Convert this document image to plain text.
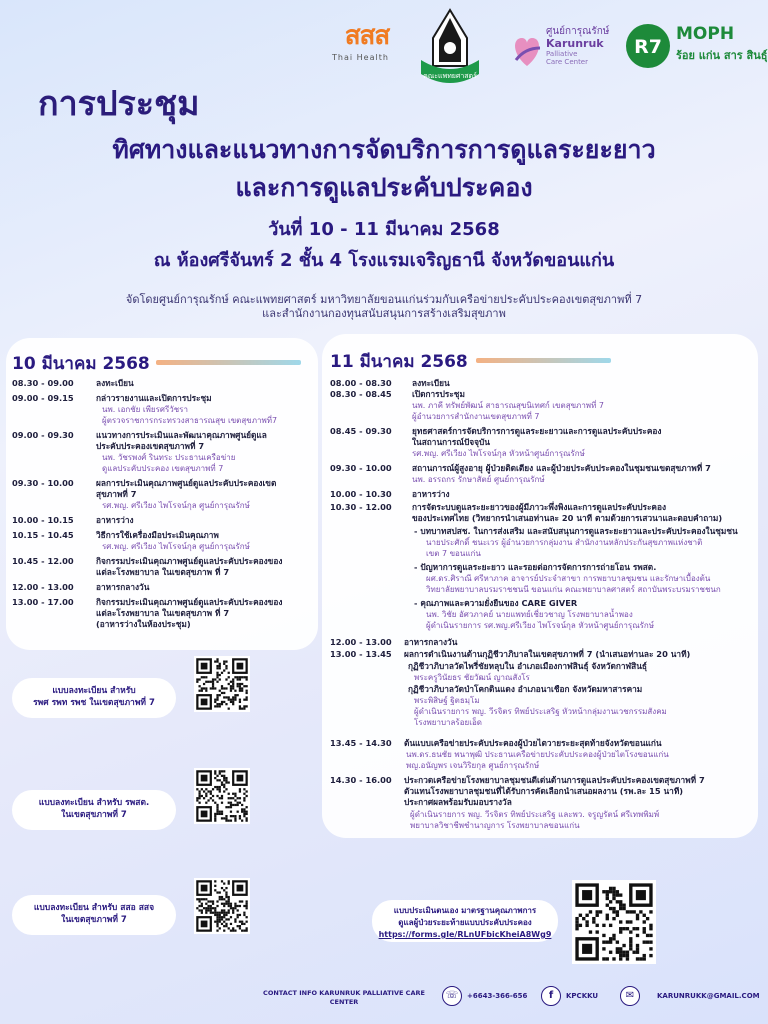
สสส
Thai Health
คณะแพทยศาสตร์
ศูนย์การุณรักษ์
Karunruk
Palliative
Care Center
R7
MOPH
ร้อย แก่น สาร สินธุ์
การประชุม
ทิศทางและแนวทางการจัดบริการการดูแลระยะยาว
และการดูแลประคับประคอง
วันที่ 10 - 11 มีนาคม 2568
ณ ห้องศรีจันทร์ 2 ชั้น 4 โรงแรมเจริญธานี จังหวัดขอนแก่น
จัดโดยศูนย์การุณรักษ์ คณะแพทยศาสตร์ มหาวิทยาลัยขอนแก่นร่วมกับเครือข่ายประคับประคองเขตสุขภาพที่ 7
และสำนักงานกองทุนสนับสนุนการสร้างเสริมสุขภาพ
10 มีนาคม 2568
08.30 - 09.00	ลงทะเบียน
09.00 - 09.15	กล่าวรายงานและเปิดการประชุม
นพ. เอกชัย เพียรศรีวัชรา
ผู้ตรวจราชการกระทรวงสาธารณสุข เขตสุขภาพที่7
09.00 - 09.30	แนวทางการประเมินและพัฒนาคุณภาพศูนย์ดูแล
ประคับประคองเขตสุขภาพที่ 7
นพ. วัชรพงศ์ รินทระ ประธานเครือข่าย
ดูแลประคับประคอง เขตสุขภาพที่ 7
09.30 - 10.00	ผลการประเมินคุณภาพศูนย์ดูแลประคับประคองเขต
สุขภาพที่ 7
รศ.พญ. ศรีเวียง ไพโรจน์กุล ศูนย์การุณรักษ์
10.00 - 10.15	อาหารว่าง
10.15 - 10.45	วิธีการใช้เครื่องมือประเมินคุณภาพ
รศ.พญ. ศรีเวียง ไพโรจน์กุล ศูนย์การุณรักษ์
10.45 - 12.00	กิจกรรมประเมินคุณภาพศูนย์ดูแลประคับประคองของ
แต่ละโรงพยาบาล ในเขตสุขภาพ ที่ 7
12.00 - 13.00	อาหารกลางวัน
13.00 - 17.00	กิจกรรมประเมินคุณภาพศูนย์ดูแลประคับประคองของ
แต่ละโรงพยาบาล ในเขตสุขภาพ ที่ 7
(อาหารว่างในห้องประชุม)
11 มีนาคม 2568
08.00 - 08.30 ลงทะเบียน
08.30 - 08.45 เปิดการประชุม
นพ. ภาคี ทรัพย์พัฒน์ สาธารณสุขนิเทศก์ เขตสุขภาพที่ 7
ผู้อำนวยการสำนักงานเขตสุขภาพที่ 7
08.45 - 09.30 ยุทธศาสตร์การจัดบริการการดูแลระยะยาวและการดูแลประคับประคอง
ในสถานการณ์ปัจจุบัน
รศ.พญ. ศรีเวียง ไพโรจน์กุล หัวหน้าศูนย์การุณรักษ์
09.30 - 10.00 สถานการณ์ผู้สูงอายุ ผู้ป่วยติดเตียง และผู้ป่วยประคับประคองในชุมชนเขตสุขภาพที่ 7
นพ. อรรถกร รักษาสัตย์ ศูนย์การุณรักษ์
10.00 - 10.30 อาหารว่าง
10.30 - 12.00 การจัดระบบดูแลระยะยาวของผู้มีภาวะพึ่งพิงและการดูแลประคับประคอง
ของประเทศไทย (วิทยากรนำเสนอท่านละ 20 นาที ตามด้วยการเสวนาและตอบคำถาม)
- บทบาทสปสช. ในการส่งเสริม และสนับสนุนการดูแลระยะยาวและประคับประคองในชุมชน
นายประศักดิ์ ชนะเวร ผู้อำนวยการกลุ่มงาน สำนักงานหลักประกันสุขภาพแห่งชาติ
เขต 7 ขอนแก่น
- ปัญหาการดูแลระยะยาว และรอยต่อการจัดการการถ่ายโอน รพสต.
ผศ.ดร.ศิราณี ศรีหาภาค อาจารย์ประจำสาขา การพยาบาลชุมชน และรักษาเบื้องต้น
วิทยาลัยพยาบาลบรมราชชนนี ขอนแก่น คณะพยาบาลศาสตร์ สถาบันพระบรมราชชนก
- คุณภาพและความยั่งยืนของ CARE GIVER
นพ. วิชัย อัศวภาคย์ นายแพทย์เชี่ยวชาญ โรงพยาบาลน้ำพอง
ผู้ดำเนินรายการ รศ.พญ.ศรีเวียง ไพโรจน์กุล หัวหน้าศูนย์การุณรักษ์
12.00 - 13.00 อาหารกลางวัน
13.00 - 13.45 ผลการดำเนินงานด้านกุฏิชีวาภิบาลในเขตสุขภาพที่ 7 (นำเสนอท่านละ 20 นาที)
กุฏิชีวาภิบาลวัดไพรี่ชัยหลุบใน อำเภอเมืองกาฬสินธุ์ จังหวัดกาฬสินธุ์
พระครูวินัยธร ชัยวัฒน์ ญาณสังโร
กุฏิชีวาภิบาลวัดป่าโคกดินแดง อำเภอนาเชือก จังหวัดมหาสารคาม
พระพิสิษฐ์ ฐิตธมฺโม
ผู้ดำเนินรายการ พญ. วีรจิตร ทิพย์ประเสริฐ หัวหน้ากลุ่มงานเวชกรรมสังคม
โรงพยาบาลร้อยเอ็ด
13.45 - 14.30 ต้นแบบเครือข่ายประคับประคองผู้ป่วยไตวายระยะสุดท้ายจังหวัดขอนแก่น
นพ.ดร.ธนชัย พนาพุฒิ ประธานเครือข่ายประคับประคองผู้ป่วยไตโรงขอนแก่น
พญ.อนัญพร เจนวิริยกุล ศูนย์การุณรักษ์
14.30 - 16.00 ประกวดเครือข่ายโรงพยาบาลชุมชนดีเด่นด้านการดูแลประคับประคองเขตสุขภาพที่ 7
ตัวแทนโรงพยาบาลชุมชนที่ได้รับการคัดเลือกนำเสนอผลงาน (รพ.ละ 15 นาที)
ประกาศผลพร้อมรับมอบรางวัล
ผู้ดำเนินรายการ พญ. วีรจิตร ทิพย์ประเสริฐ และพว. จรูญรัตน์ ศรีเทพพิมพ์
พยาบาลวิชาชีพชำนาญการ โรงพยาบาลขอนแก่น
แบบลงทะเบียน สำหรับ
รพศ รพท รพช ในเขตสุขภาพที่ 7
แบบลงทะเบียน สำหรับ รพสต.
ในเขตสุขภาพที่ 7
แบบลงทะเบียน สำหรับ สสอ สสจ
ในเขตสุขภาพที่ 7
แบบประเมินตนเอง มาตรฐานคุณภาพการ
ดูแลผู้ป่วยระยะท้ายแบบประคับประคอง
https://forms.gle/RLnUFbicKheiA8Wg9
CONTACT INFO KARUNRUK PALLIATIVE CARE
CENTER
☏	+6643-366-656	f	KPCKKU	✉	KARUNRUKK@GMAIL.COM
